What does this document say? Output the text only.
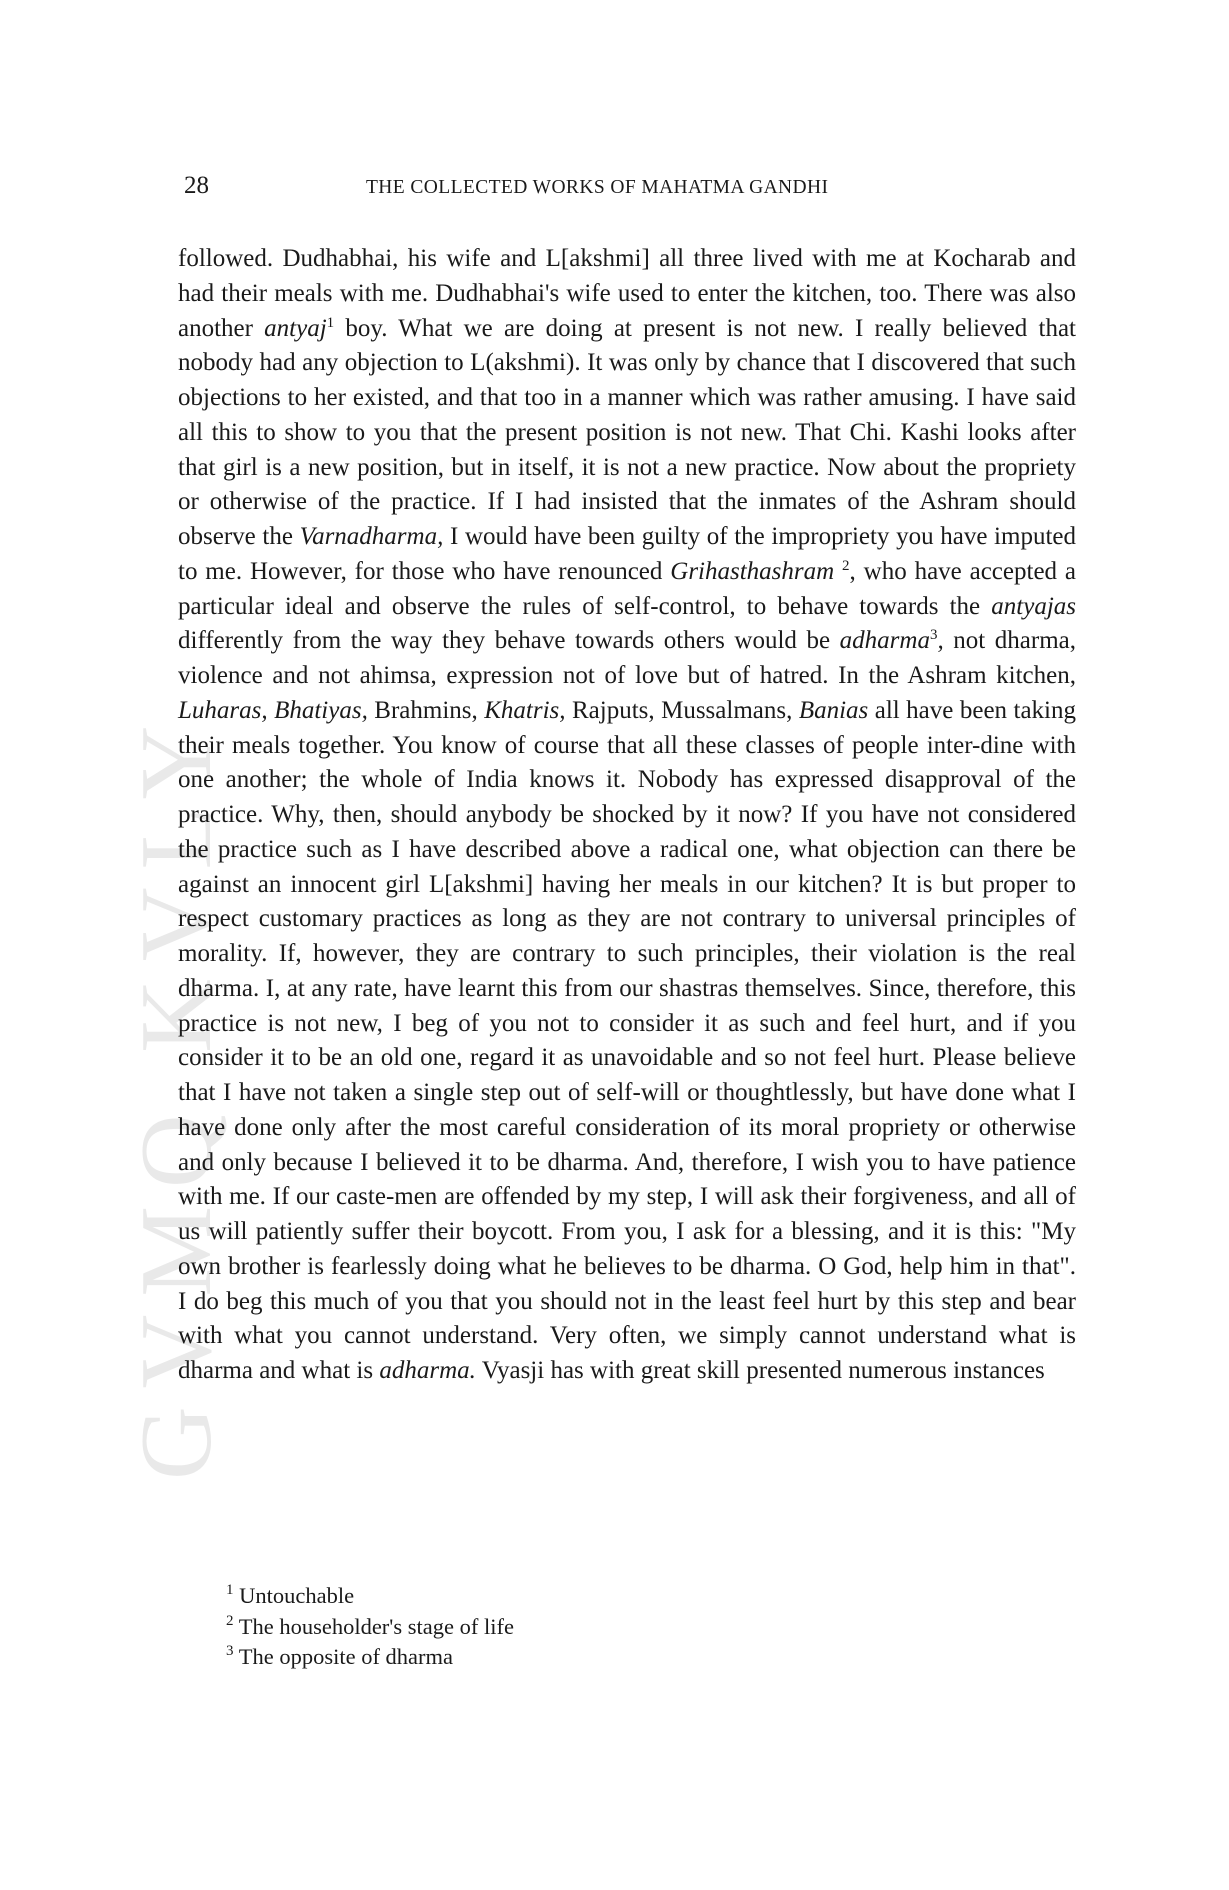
GVMQ KVLY
28	THE COLLECTED WORKS OF MAHATMA GANDHI

followed. Dudhabhai, his wife and L[akshmi] all three lived with me at Kocharab and had their meals with me. Dudhabhai's wife used to enter the kitchen, too. There was also another antyaj$^1$ boy. What we are doing at present is not new. I really believed that nobody had any objection to L(akshmi). It was only by chance that I discovered that such objections to her existed, and that too in a manner which was rather amusing. I have said all this to show to you that the present position is not new. That Chi. Kashi looks after that girl is a new position, but in itself, it is not a new practice. Now about the propriety or otherwise of the practice. If I had insisted that the inmates of the Ashram should observe the Varnadharma, I would have been guilty of the impropriety you have imputed to me. However, for those who have renounced Grihasthashram $^2$, who have accepted a particular ideal and observe the rules of self-control, to behave towards the antyajas differently from the way they behave towards others would be adharma$^3$, not dharma, violence and not ahimsa, expression not of love but of hatred. In the Ashram kitchen, Luharas, Bhatiyas, Brahmins, Khatris, Rajputs, Mussalmans, Banias all have been taking their meals together. You know of course that all these classes of people inter-dine with one another; the whole of India knows it. Nobody has expressed disapproval of the practice. Why, then, should anybody be shocked by it now? If you have not considered the practice such as I have described above a radical one, what objection can there be against an innocent girl L[akshmi] having her meals in our kitchen? It is but proper to respect customary practices as long as they are not contrary to universal principles of morality. If, however, they are contrary to such principles, their violation is the real dharma. I, at any rate, have learnt this from our shastras themselves. Since, therefore, this practice is not new, I beg of you not to consider it as such and feel hurt, and if you consider it to be an old one, regard it as unavoidable and so not feel hurt. Please believe that I have not taken a single step out of self-will or thoughtlessly, but have done what I have done only after the most careful consideration of its moral propriety or otherwise and only because I believed it to be dharma. And, therefore, I wish you to have patience with me. If our caste-men are offended by my step, I will ask their forgiveness, and all of us will patiently suffer their boycott. From you, I ask for a blessing, and it is this: "My own brother is fearlessly doing what he believes to be dharma. O God, help him in that". I do beg this much of you that you should not in the least feel hurt by this step and bear with what you cannot understand. Very often, we simply cannot understand what is dharma and what is adharma. Vyasji has with great skill presented numerous instances

$^1$ Untouchable
$^2$ The householder's stage of life
$^3$ The opposite of dharma
